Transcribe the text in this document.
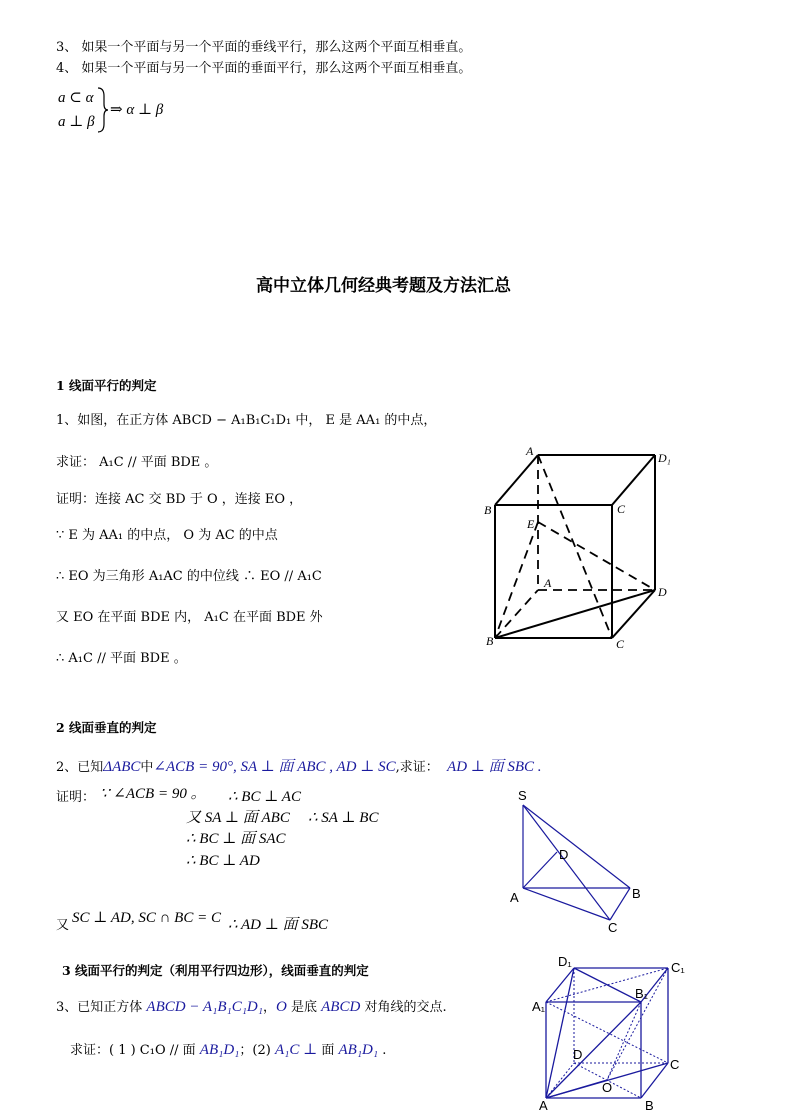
3、 如果一个平面与另一个平面的垂线平行，那么这两个平面互相垂直。
4、 如果一个平面与另一个平面的垂面平行，那么这两个平面互相垂直。
a ⊂ α
a ⊥ β
⇒ α ⊥ β
高中立体几何经典考题及方法汇总
1 线面平行的判定
1、如图，在正方体 ABCD − A₁B₁C₁D₁ 中， E 是 AA₁ 的中点，
求证： A₁C // 平面 BDE 。
证明：连接 AC 交 BD 于 O ，连接 EO ，
∵ E 为 AA₁ 的中点， O 为 AC 的中点
∴ EO 为三角形 A₁AC 的中位线 ∴ EO // A₁C
又 EO 在平面 BDE 内， A₁C 在平面 BDE 外
∴ A₁C // 平面 BDE 。
A	D₁
B	C
E
A
D
B	C
2 线面垂直的判定
2、已知ΔABC中∠ACB = 90°, SA ⊥ 面 ABC , AD ⊥ SC,求证： AD ⊥ 面 SBC .
证明： ∵ ∠ACB = 90 。 ∴ BC ⊥ AC
又 SA ⊥ 面 ABC ∴ SA ⊥ BC
∴ BC ⊥ 面 SAC
∴ BC ⊥ AD
又 SC ⊥ AD, SC ∩ BC = C ∴ AD ⊥ 面 SBC
S
D
A	B
C
3 线面平行的判定（利用平行四边形），线面垂直的判定
3、已知正方体 ABCD − A₁B₁C₁D₁，O 是底 ABCD 对角线的交点.
求证：( 1 ) C₁O // 面 AB₁D₁；(2) A₁C ⊥ 面 AB₁D₁ .
D₁	C₁
B₁
A₁
D
C
O
A	B
